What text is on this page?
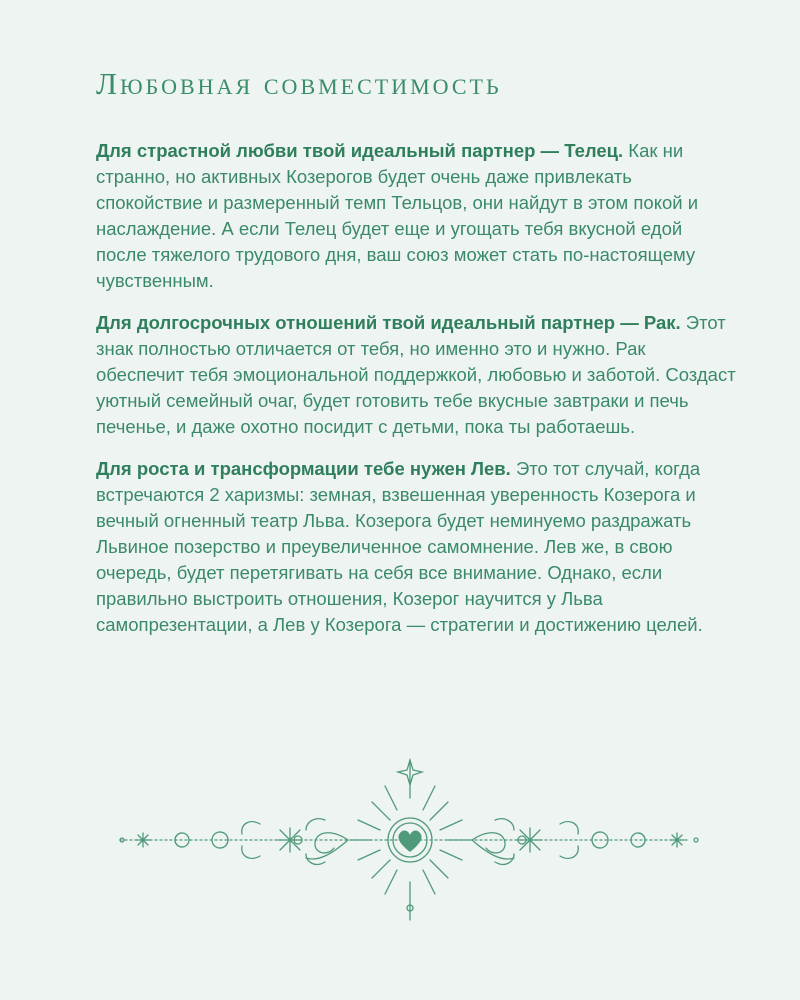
Любовная совместимость

Для страстной любви твой идеальный партнер — Телец. Как ни странно, но активных Козерогов будет очень даже привлекать спокойствие и размеренный темп Тельцов, они найдут в этом покой и наслаждение. А если Телец будет еще и угощать тебя вкусной едой после тяжелого трудового дня, ваш союз может стать по-настоящему чувственным.

Для долгосрочных отношений твой идеальный партнер — Рак. Этот знак полностью отличается от тебя, но именно это и нужно. Рак обеспечит тебя эмоциональной поддержкой, любовью и заботой. Создаст уютный семейный очаг, будет готовить тебе вкусные завтраки и печь печенье, и даже охотно посидит с детьми, пока ты работаешь.

Для роста и трансформации тебе нужен Лев. Это тот случай, когда встречаются 2 харизмы: земная, взвешенная уверенность Козерога и вечный огненный театр Льва. Козерога будет неминуемо раздражать Львиное позерство и преувеличенное самомнение. Лев же, в свою очередь, будет перетягивать на себя все внимание. Однако, если правильно выстроить отношения, Козерог научится у Льва самопрезентации, а Лев у Козерога — стратегии и достижению целей.
